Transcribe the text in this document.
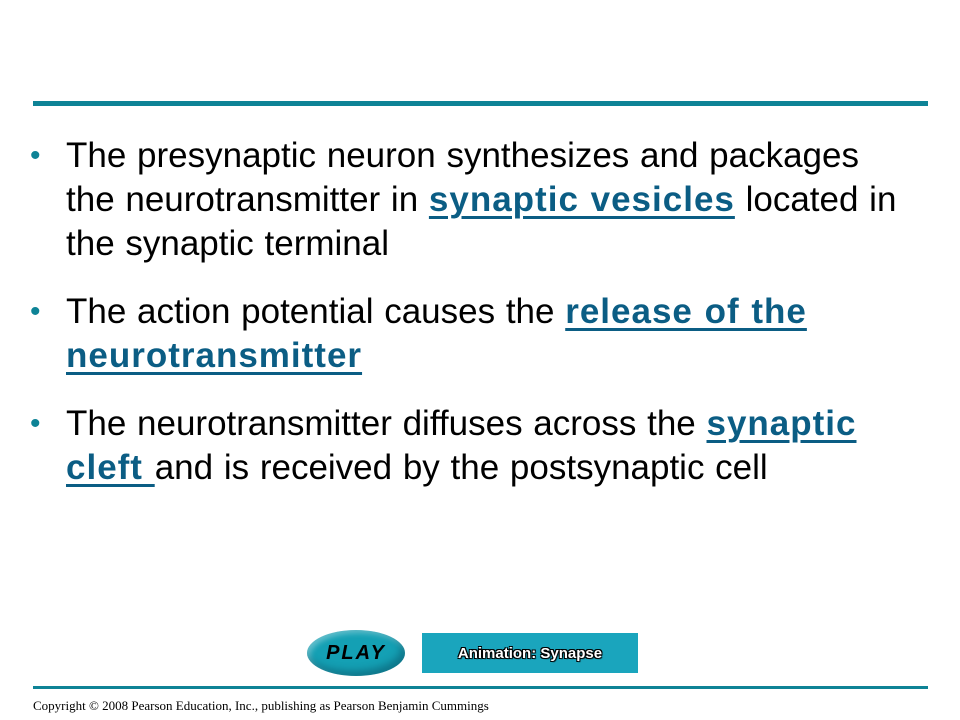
• The presynaptic neuron synthesizes and packages the neurotransmitter in synaptic vesicles located in the synaptic terminal
• The action potential causes the release of the neurotransmitter
• The neurotransmitter diffuses across the synaptic cleft and is received by the postsynaptic cell
PLAY	Animation: Synapse
Copyright © 2008 Pearson Education, Inc., publishing as Pearson Benjamin Cummings
